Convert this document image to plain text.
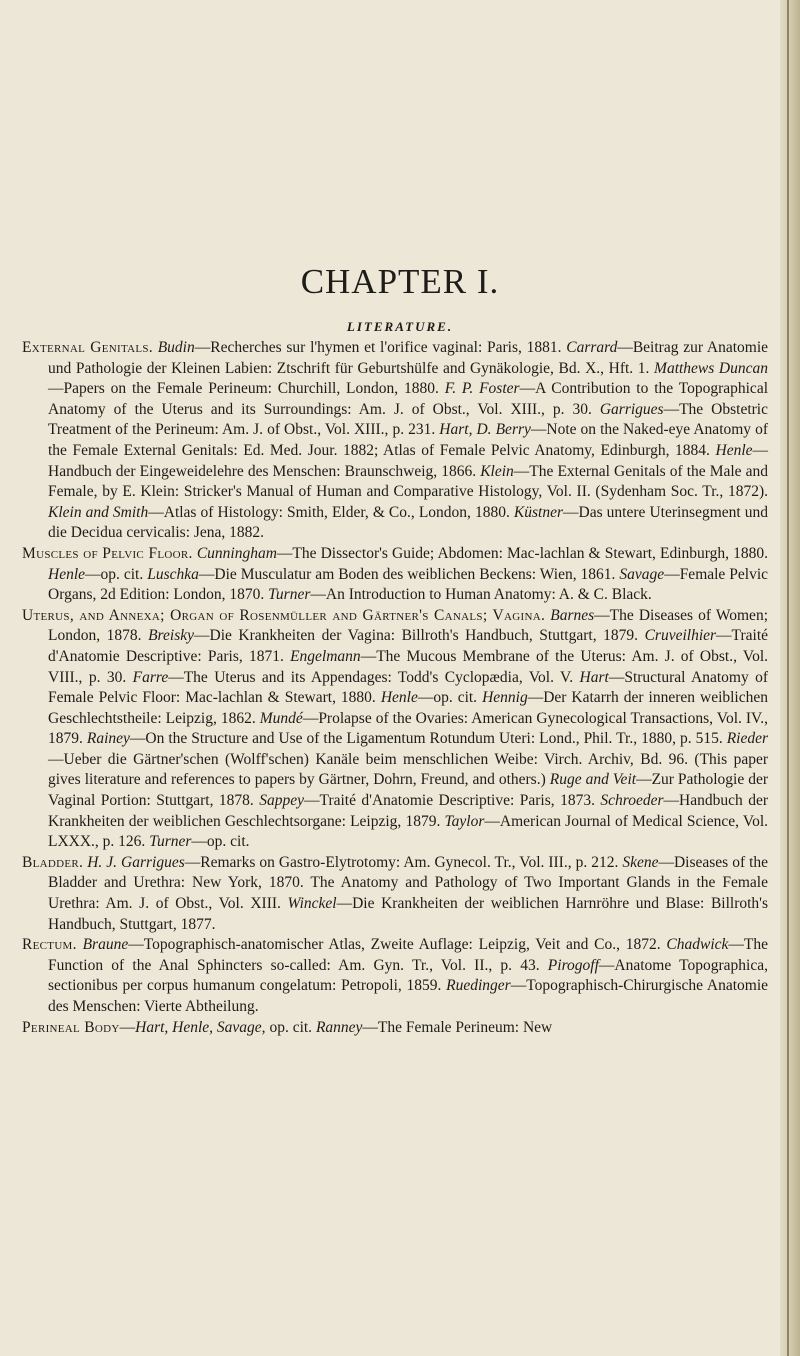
CHAPTER I.
LITERATURE.

External Genitals. Budin—Recherches sur l'hymen et l'orifice vaginal: Paris, 1881. Carrard—Beitrag zur Anatomie und Pathologie der Kleinen Labien: Ztschrift für Geburtshülfe and Gynäkologie, Bd. X., Hft. 1. Matthews Duncan—Papers on the Female Perineum: Churchill, London, 1880. F. P. Foster—A Contribution to the Topographical Anatomy of the Uterus and its Surroundings: Am. J. of Obst., Vol. XIII., p. 30. Garrigues—The Obstetric Treatment of the Perineum: Am. J. of Obst., Vol. XIII., p. 231. Hart, D. Berry—Note on the Naked-eye Anatomy of the Female External Genitals: Ed. Med. Jour. 1882; Atlas of Female Pelvic Anatomy, Edinburgh, 1884. Henle—Handbuch der Eingeweidelehre des Menschen: Braunschweig, 1866. Klein—The External Genitals of the Male and Female, by E. Klein: Stricker's Manual of Human and Comparative Histology, Vol. II. (Sydenham Soc. Tr., 1872). Klein and Smith—Atlas of Histology: Smith, Elder, & Co., London, 1880. Küstner—Das untere Uterinsegment und die Decidua cervicalis: Jena, 1882.

Muscles of Pelvic Floor. Cunningham—The Dissector's Guide; Abdomen: Mac-lachlan & Stewart, Edinburgh, 1880. Henle—op. cit. Luschka—Die Musculatur am Boden des weiblichen Beckens: Wien, 1861. Savage—Female Pelvic Organs, 2d Edition: London, 1870. Turner—An Introduction to Human Anatomy: A. & C. Black.

Uterus, and Annexa; Organ of Rosenmüller and Gärtner's Canals; Vagina. Barnes—The Diseases of Women; London, 1878. Breisky—Die Krankheiten der Vagina: Billroth's Handbuch, Stuttgart, 1879. Cruveilhier—Traité d'Anatomie Descriptive: Paris, 1871. Engelmann—The Mucous Membrane of the Uterus: Am. J. of Obst., Vol. VIII., p. 30. Farre—The Uterus and its Appendages: Todd's Cyclopædia, Vol. V. Hart—Structural Anatomy of Female Pelvic Floor: Mac-lachlan & Stewart, 1880. Henle—op. cit. Hennig—Der Katarrh der inneren weiblichen Geschlechtstheile: Leipzig, 1862. Mundé—Prolapse of the Ovaries: American Gynecological Transactions, Vol. IV., 1879. Rainey—On the Structure and Use of the Ligamentum Rotundum Uteri: Lond., Phil. Tr., 1880, p. 515. Rieder—Ueber die Gärtner'schen (Wolff'schen) Kanäle beim menschlichen Weibe: Virch. Archiv, Bd. 96. (This paper gives literature and references to papers by Gärtner, Dohrn, Freund, and others.) Ruge and Veit—Zur Pathologie der Vaginal Portion: Stuttgart, 1878. Sappey—Traité d'Anatomie Descriptive: Paris, 1873. Schroeder—Handbuch der Krankheiten der weiblichen Geschlechtsorgane: Leipzig, 1879. Taylor—American Journal of Medical Science, Vol. LXXX., p. 126. Turner—op. cit.

Bladder. H. J. Garrigues—Remarks on Gastro-Elytrotomy: Am. Gynecol. Tr., Vol. III., p. 212. Skene—Diseases of the Bladder and Urethra: New York, 1870. The Anatomy and Pathology of Two Important Glands in the Female Urethra: Am. J. of Obst., Vol. XIII. Winckel—Die Krankheiten der weiblichen Harnröhre und Blase: Billroth's Handbuch, Stuttgart, 1877.

Rectum. Braune—Topographisch-anatomischer Atlas, Zweite Auflage: Leipzig, Veit and Co., 1872. Chadwick—The Function of the Anal Sphincters so-called: Am. Gyn. Tr., Vol. II., p. 43. Pirogoff—Anatome Topographica, sectionibus per corpus humanum congelatum: Petropoli, 1859. Ruedinger—Topographisch-Chirurgische Anatomie des Menschen: Vierte Abtheilung.

Perineal Body—Hart, Henle, Savage, op. cit. Ranney—The Female Perineum: New
